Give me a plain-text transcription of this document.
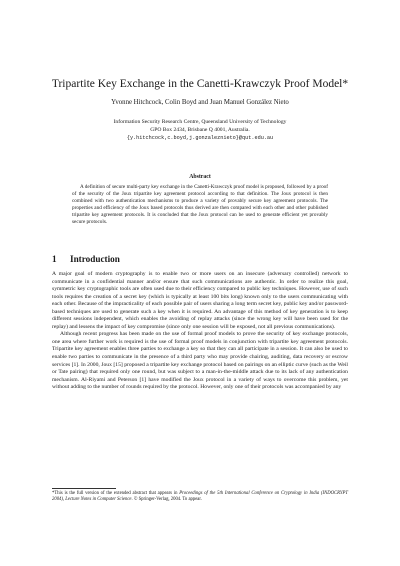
Tripartite Key Exchange in the Canetti-Krawczyk Proof Model*
Yvonne Hitchcock, Colin Boyd and Juan Manuel González Nieto
Information Security Research Centre, Queensland University of Technology
GPO Box 2434, Brisbane Q 4001, Australia.
{y.hitchcock,c.boyd,j.gonzaleznieto}@qut.edu.au
Abstract
A definition of secure multi-party key exchange in the Canetti-Krawczyk proof model is proposed, followed by a proof of the security of the Joux tripartite key agreement protocol according to that definition. The Joux protocol is then combined with two authentication mechanisms to produce a variety of provably secure key agreement protocols. The properties and efficiency of the Joux based protocols thus derived are then compared with each other and other published tripartite key agreement protocols. It is concluded that the Joux protocol can be used to generate efficient yet provably secure protocols.
1 Introduction

A major goal of modern cryptography is to enable two or more users on an insecure (adversary controlled) network to communicate in a confidential manner and/or ensure that such communications are authentic. In order to realize this goal, symmetric key cryptographic tools are often used due to their efficiency compared to public key techniques. However, use of such tools requires the creation of a secret key (which is typically at least 100 bits long) known only to the users communicating with each other. Because of the impracticality of each possible pair of users sharing a long term secret key, public key and/or password-based techniques are used to generate such a key when it is required. An advantage of this method of key generation is to keep different sessions independent, which enables the avoiding of replay attacks (since the wrong key will have been used for the replay) and lessens the impact of key compromise (since only one session will be exposed, not all previous communications).

Although recent progress has been made on the use of formal proof models to prove the security of key exchange protocols, one area where further work is required is the use of formal proof models in conjunction with tripartite key agreement protocols. Tripartite key agreement enables three parties to exchange a key so that they can all participate in a session. It can also be used to enable two parties to communicate in the presence of a third party who may provide chairing, auditing, data recovery or escrow services [1]. In 2000, Joux [15] proposed a tripartite key exchange protocol based on pairings on an elliptic curve (such as the Weil or Tate pairing) that required only one round, but was subject to a man-in-the-middle attack due to its lack of any authentication mechanism. Al-Riyami and Peterson [1] have modified the Joux protocol in a variety of ways to overcome this problem, yet without adding to the number of rounds required by the protocol. However, only one of their protocols was accompanied by any

*This is the full version of the extended abstract that appears in Proceedings of the 5th International Conference on Cryptology in India (INDOCRYPT 2004), Lecture Notes in Computer Science. © Springer-Verlag, 2004. To appear.
